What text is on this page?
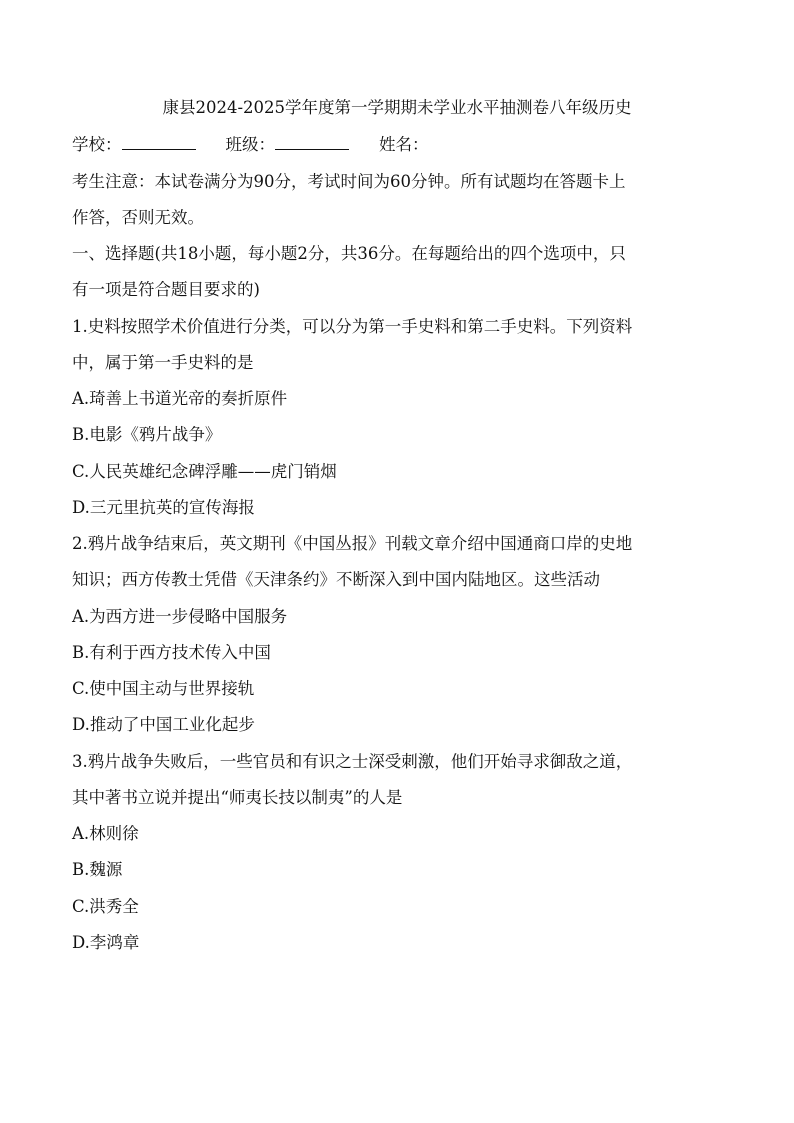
康县2024-2025学年度第一学期期未学业水平抽测卷八年级历史
学校：	班级：	姓名：
考生注意：本试卷满分为90分，考试时间为60分钟。所有试题均在答题卡上
作答，否则无效。
一、选择题(共18小题，每小题2分，共36分。在每题给出的四个选项中，只
有一项是符合题目要求的)
1.史料按照学术价值进行分类，可以分为第一手史料和第二手史料。下列资料
中，属于第一手史料的是
A.琦善上书道光帝的奏折原件
B.电影《鸦片战争》
C.人民英雄纪念碑浮雕——虎门销烟
D.三元里抗英的宣传海报
2.鸦片战争结束后，英文期刊《中国丛报》刊载文章介绍中国通商口岸的史地
知识；西方传教士凭借《天津条约》不断深入到中国内陆地区。这些活动
A.为西方进一步侵略中国服务
B.有利于西方技术传入中国
C.使中国主动与世界接轨
D.推动了中国工业化起步
3.鸦片战争失败后，一些官员和有识之士深受刺激，他们开始寻求御敌之道，
其中著书立说并提出“师夷长技以制夷”的人是
A.林则徐
B.魏源
C.洪秀全
D.李鸿章
